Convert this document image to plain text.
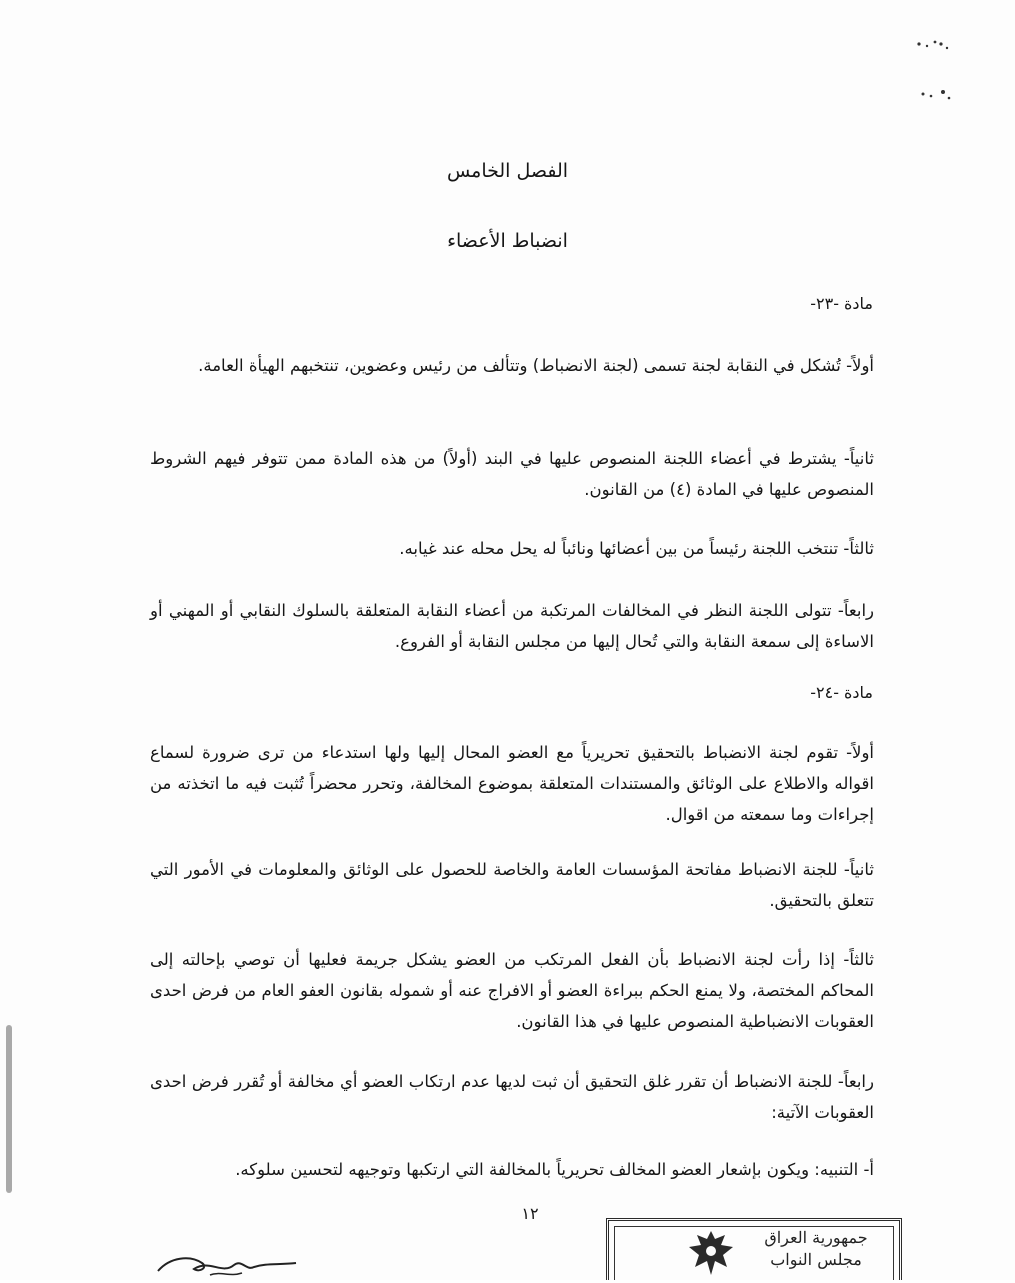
الفصل الخامس
انضباط الأعضاء
مادة -٢٣-
أولاً- تُشكل في النقابة لجنة تسمى (لجنة الانضباط) وتتألف من رئيس وعضوين، تنتخبهم الهيأة العامة.
ثانياً- يشترط في أعضاء اللجنة المنصوص عليها في البند (أولاً) من هذه المادة ممن تتوفر فيهم الشروط المنصوص عليها في المادة (٤) من القانون.
ثالثاً- تنتخب اللجنة رئيساً من بين أعضائها ونائباً له يحل محله عند غيابه.
رابعاً- تتولى اللجنة النظر في المخالفات المرتكبة من أعضاء النقابة المتعلقة بالسلوك النقابي أو المهني أو الاساءة إلى سمعة النقابة والتي تُحال إليها من مجلس النقابة أو الفروع.
مادة -٢٤-
أولاً- تقوم لجنة الانضباط بالتحقيق تحريرياً مع العضو المحال إليها ولها استدعاء من ترى ضرورة لسماع اقواله والاطلاع على الوثائق والمستندات المتعلقة بموضوع المخالفة، وتحرر محضراً تُثبت فيه ما اتخذته من إجراءات وما سمعته من اقوال.
ثانياً- للجنة الانضباط مفاتحة المؤسسات العامة والخاصة للحصول على الوثائق والمعلومات في الأمور التي تتعلق بالتحقيق.
ثالثاً- إذا رأت لجنة الانضباط بأن الفعل المرتكب من العضو يشكل جريمة فعليها أن توصي بإحالته إلى المحاكم المختصة، ولا يمنع الحكم ببراءة العضو أو الافراج عنه أو شموله بقانون العفو العام من فرض احدى العقوبات الانضباطية المنصوص عليها في هذا القانون.
رابعاً- للجنة الانضباط أن تقرر غلق التحقيق أن ثبت لديها عدم ارتكاب العضو أي مخالفة أو تُقرر فرض احدى العقوبات الآتية:
أ- التنبيه: ويكون بإشعار العضو المخالف تحريرياً بالمخالفة التي ارتكبها وتوجيهه لتحسين سلوكه.
١٢
جمهورية العراق
مجلس النواب
